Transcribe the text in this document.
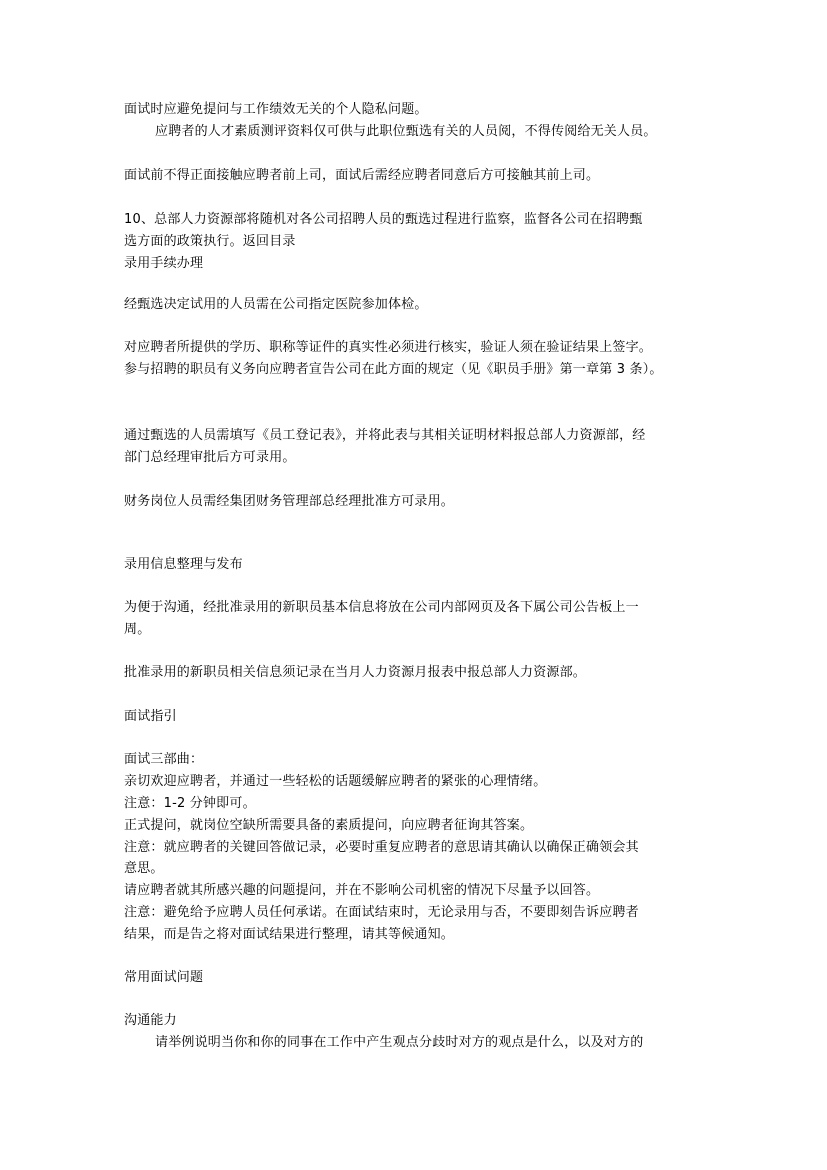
面试时应避免提问与工作绩效无关的个人隐私问题。
应聘者的人才素质测评资料仅可供与此职位甄选有关的人员阅，不得传阅给无关人员。
面试前不得正面接触应聘者前上司，面试后需经应聘者同意后方可接触其前上司。
10、总部人力资源部将随机对各公司招聘人员的甄选过程进行监察，监督各公司在招聘甄
选方面的政策执行。返回目录
录用手续办理
经甄选决定试用的人员需在公司指定医院参加体检。
对应聘者所提供的学历、职称等证件的真实性必须进行核实，验证人须在验证结果上签字。
参与招聘的职员有义务向应聘者宣告公司在此方面的规定（见《职员手册》第一章第 3 条）。
通过甄选的人员需填写《员工登记表》，并将此表与其相关证明材料报总部人力资源部，经
部门总经理审批后方可录用。
财务岗位人员需经集团财务管理部总经理批准方可录用。
录用信息整理与发布
为便于沟通，经批准录用的新职员基本信息将放在公司内部网页及各下属公司公告板上一
周。
批准录用的新职员相关信息须记录在当月人力资源月报表中报总部人力资源部。
面试指引
面试三部曲：
亲切欢迎应聘者，并通过一些轻松的话题缓解应聘者的紧张的心理情绪。
注意：1-2 分钟即可。
正式提问，就岗位空缺所需要具备的素质提问，向应聘者征询其答案。
注意：就应聘者的关键回答做记录，必要时重复应聘者的意思请其确认以确保正确领会其
意思。
请应聘者就其所感兴趣的问题提问，并在不影响公司机密的情况下尽量予以回答。
注意：避免给予应聘人员任何承诺。在面试结束时，无论录用与否，不要即刻告诉应聘者
结果，而是告之将对面试结果进行整理，请其等候通知。
常用面试问题
沟通能力
请举例说明当你和你的同事在工作中产生观点分歧时对方的观点是什么，以及对方的
